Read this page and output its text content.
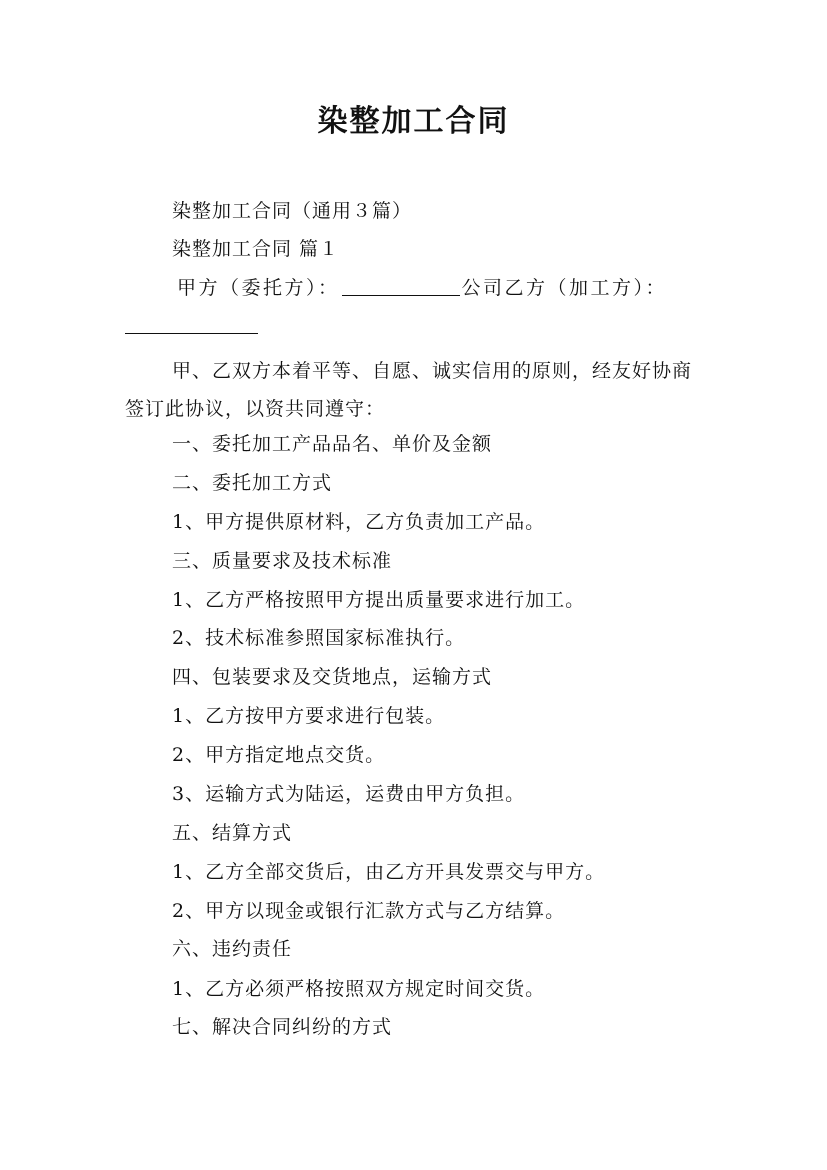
染整加工合同
染整加工合同（通用３篇）
染整加工合同 篇１
甲方（委托方）：	公司乙方（加工方）：
甲、乙双方本着平等、自愿、诚实信用的原则，经友好协商签订此协议，以资共同遵守：
一、委托加工产品品名、单价及金额
二、委托加工方式
1、甲方提供原材料，乙方负责加工产品。
三、质量要求及技术标准
1、乙方严格按照甲方提出质量要求进行加工。
2、技术标准参照国家标准执行。
四、包装要求及交货地点，运输方式
1、乙方按甲方要求进行包装。
2、甲方指定地点交货。
3、运输方式为陆运，运费由甲方负担。
五、结算方式
1、乙方全部交货后，由乙方开具发票交与甲方。
2、甲方以现金或银行汇款方式与乙方结算。
六、违约责任
1、乙方必须严格按照双方规定时间交货。
七、解决合同纠纷的方式
